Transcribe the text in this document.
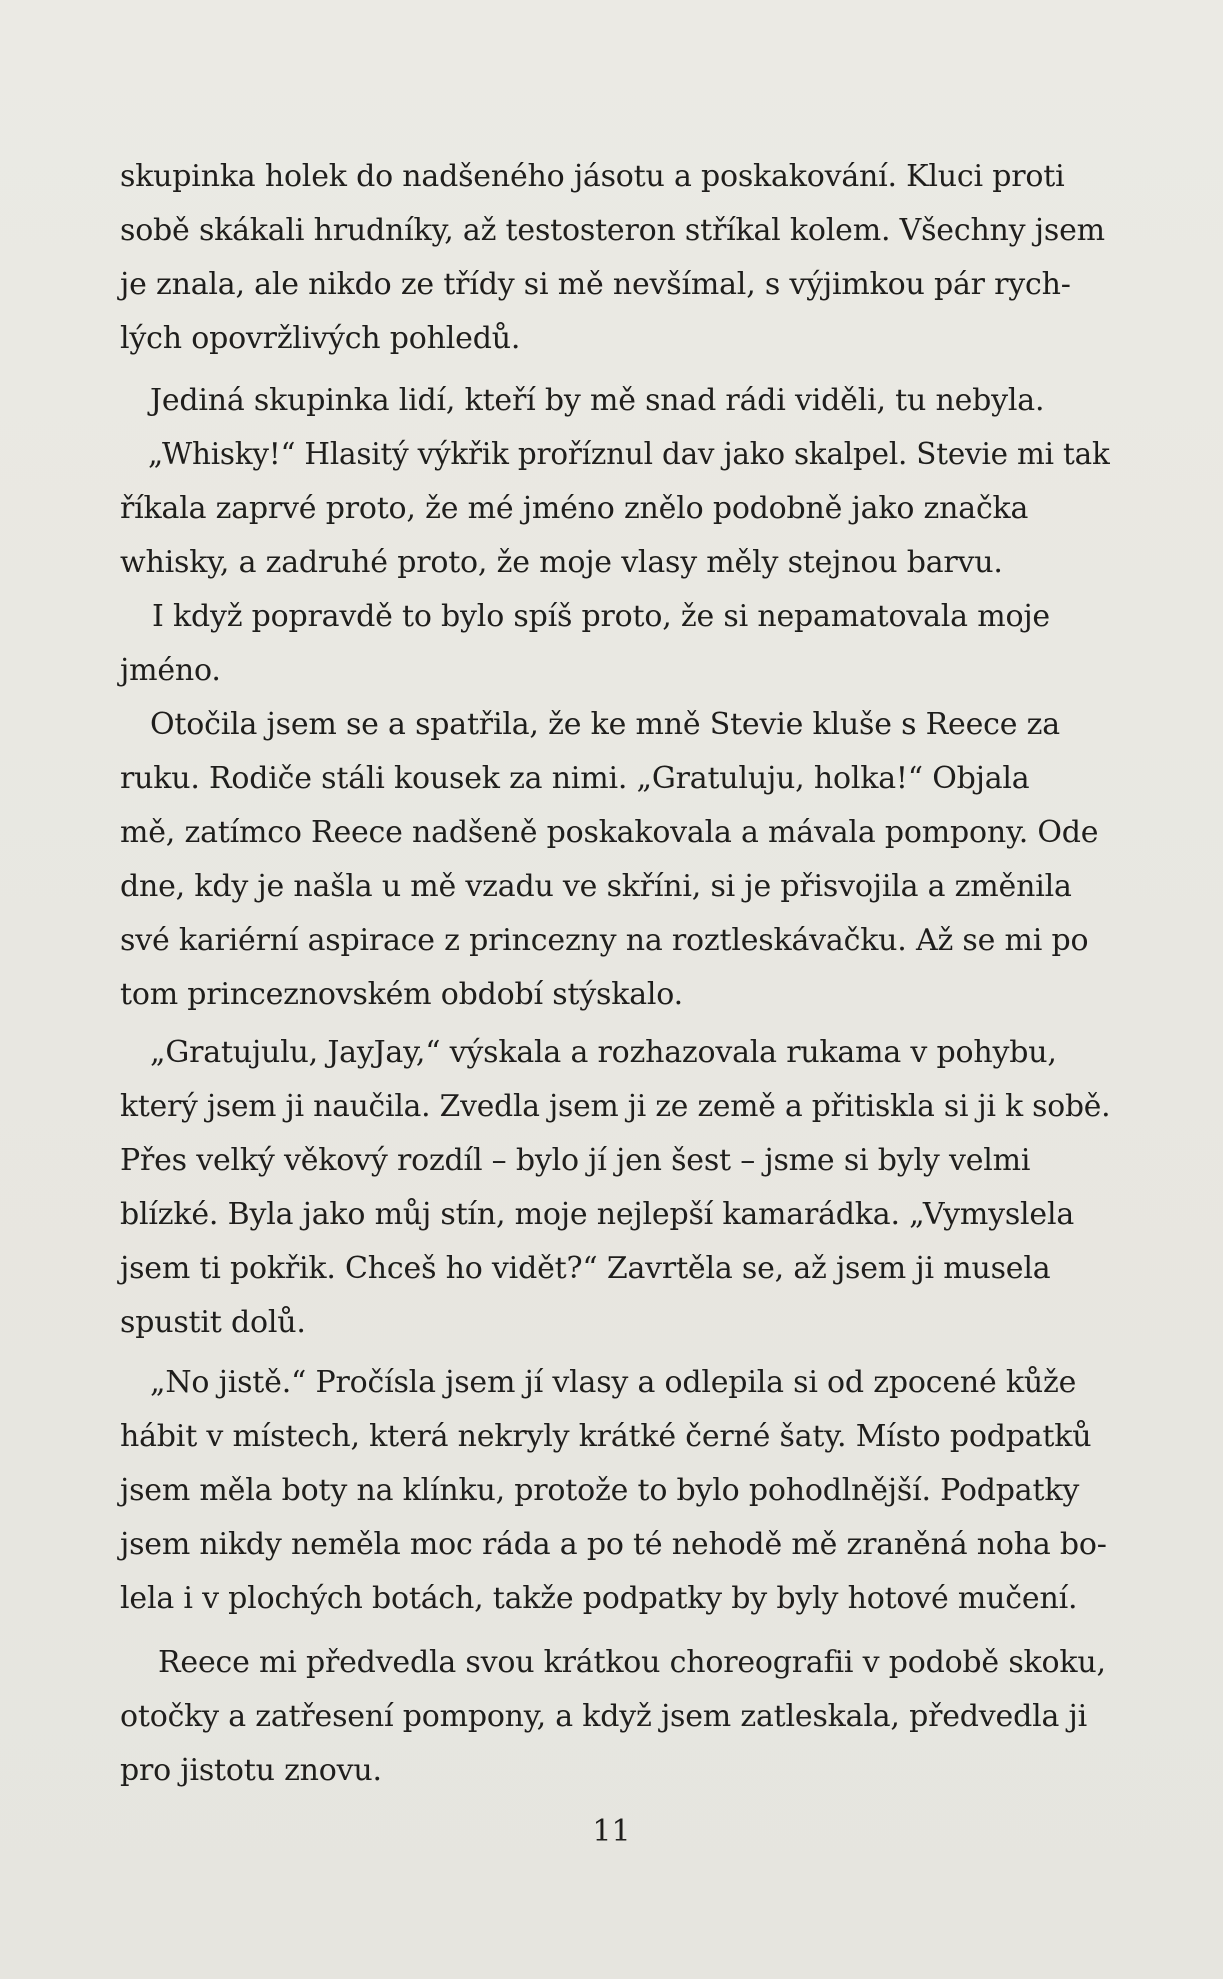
skupinka holek do nadšeného jásotu a poskakování. Kluci proti
sobě skákali hrudníky, až testosteron stříkal kolem. Všechny jsem
je znala, ale nikdo ze třídy si mě nevšímal, s výjimkou pár rych-
lých opovržlivých pohledů.
Jediná skupinka lidí, kteří by mě snad rádi viděli, tu nebyla.
„Whisky!“ Hlasitý výkřik proříznul dav jako skalpel. Stevie mi tak
říkala zaprvé proto, že mé jméno znělo podobně jako značka
whisky, a zadruhé proto, že moje vlasy měly stejnou barvu.
I když popravdě to bylo spíš proto, že si nepamatovala moje
jméno.
Otočila jsem se a spatřila, že ke mně Stevie kluše s Reece za
ruku. Rodiče stáli kousek za nimi. „Gratuluju, holka!“ Objala
mě, zatímco Reece nadšeně poskakovala a mávala pompony. Ode
dne, kdy je našla u mě vzadu ve skříni, si je přisvojila a změnila
své kariérní aspirace z princezny na roztleskávačku. Až se mi po
tom princeznovském období stýskalo.
„Gratujulu, JayJay,“ výskala a rozhazovala rukama v pohybu,
který jsem ji naučila. Zvedla jsem ji ze země a přitiskla si ji k sobě.
Přes velký věkový rozdíl – bylo jí jen šest – jsme si byly velmi
blízké. Byla jako můj stín, moje nejlepší kamarádka. „Vymyslela
jsem ti pokřik. Chceš ho vidět?“ Zavrtěla se, až jsem ji musela
spustit dolů.
„No jistě.“ Pročísla jsem jí vlasy a odlepila si od zpocené kůže
hábit v místech, která nekryly krátké černé šaty. Místo podpatků
jsem měla boty na klínku, protože to bylo pohodlnější. Podpatky
jsem nikdy neměla moc ráda a po té nehodě mě zraněná noha bo-
lela i v plochých botách, takže podpatky by byly hotové mučení.
Reece mi předvedla svou krátkou choreografii v podobě skoku,
otočky a zatřesení pompony, a když jsem zatleskala, předvedla ji
pro jistotu znovu.
11
